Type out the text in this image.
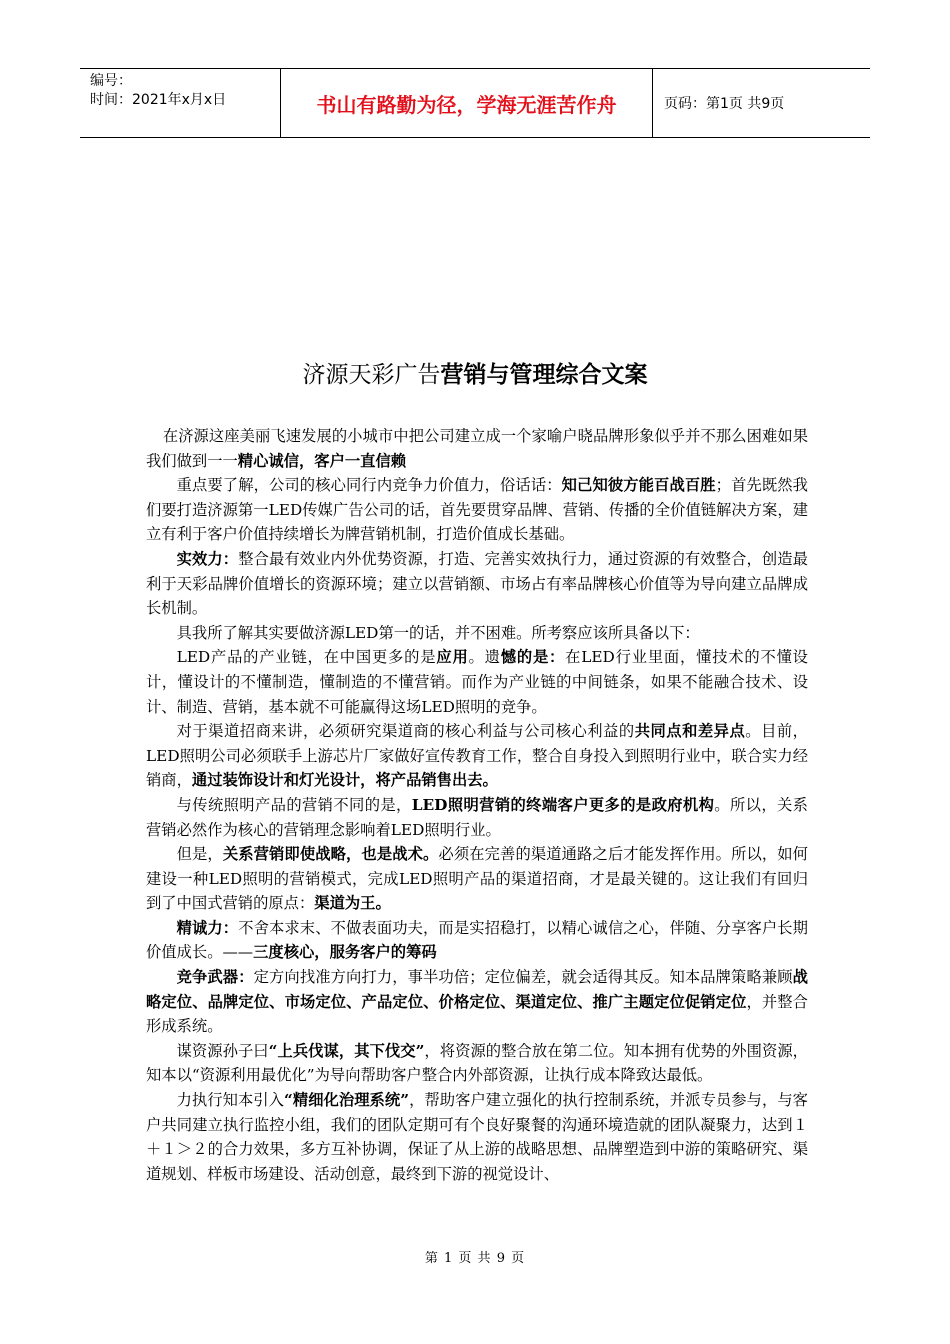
编号：
时间：2021年x月x日	书山有路勤为径，学海无涯苦作舟	页码：第1页 共9页
济源天彩广告营销与管理综合文案

在济源这座美丽飞速发展的小城市中把公司建立成一个家喻户晓品牌形象似乎并不那么困难如果我们做到一一精心诚信，客户一直信赖

重点要了解，公司的核心同行内竞争力价值力，俗话话：知己知彼方能百战百胜；首先既然我们要打造济源第一LED传媒广告公司的话，首先要贯穿品牌、营销、传播的全价值链解决方案，建立有利于客户价值持续增长为牌营销机制，打造价值成长基础。

实效力：整合最有效业内外优势资源，打造、完善实效执行力，通过资源的有效整合，创造最利于天彩品牌价值增长的资源环境；建立以营销额、市场占有率品牌核心价值等为导向建立品牌成长机制。

具我所了解其实要做济源LED第一的话，并不困难。所考察应该所具备以下：

LED产品的产业链，在中国更多的是应用。遗憾的是：在LED行业里面，懂技术的不懂设计，懂设计的不懂制造，懂制造的不懂营销。而作为产业链的中间链条，如果不能融合技术、设计、制造、营销，基本就不可能赢得这场LED照明的竞争。

对于渠道招商来讲，必须研究渠道商的核心利益与公司核心利益的共同点和差异点。目前，LED照明公司必须联手上游芯片厂家做好宣传教育工作，整合自身投入到照明行业中，联合实力经销商，通过装饰设计和灯光设计，将产品销售出去。

与传统照明产品的营销不同的是，LED照明营销的终端客户更多的是政府机构。所以，关系营销必然作为核心的营销理念影响着LED照明行业。

但是，关系营销即使战略，也是战术。必须在完善的渠道通路之后才能发挥作用。所以，如何建设一种LED照明的营销模式，完成LED照明产品的渠道招商，才是最关键的。这让我们有回归到了中国式营销的原点：渠道为王。

精诚力：不舍本求末、不做表面功夫，而是实招稳打，以精心诚信之心，伴随、分享客户长期价值成长。——三度核心，服务客户的筹码

竞争武器：定方向找准方向打力，事半功倍；定位偏差，就会适得其反。知本品牌策略兼顾战略定位、品牌定位、市场定位、产品定位、价格定位、渠道定位、推广主题定位促销定位，并整合形成系统。

谋资源孙子曰“上兵伐谋，其下伐交”，将资源的整合放在第二位。知本拥有优势的外围资源，知本以“资源利用最优化”为导向帮助客户整合内外部资源，让执行成本降致达最低。

力执行知本引入“精细化治理系统”，帮助客户建立强化的执行控制系统，并派专员参与，与客户共同建立执行监控小组，我们的团队定期可有个良好聚餐的沟通环境造就的团队凝聚力，达到１＋１＞２的合力效果，多方互补协调，保证了从上游的战略思想、品牌塑造到中游的策略研究、渠道规划、样板市场建设、活动创意，最终到下游的视觉设计、

第 1 页 共 9 页
